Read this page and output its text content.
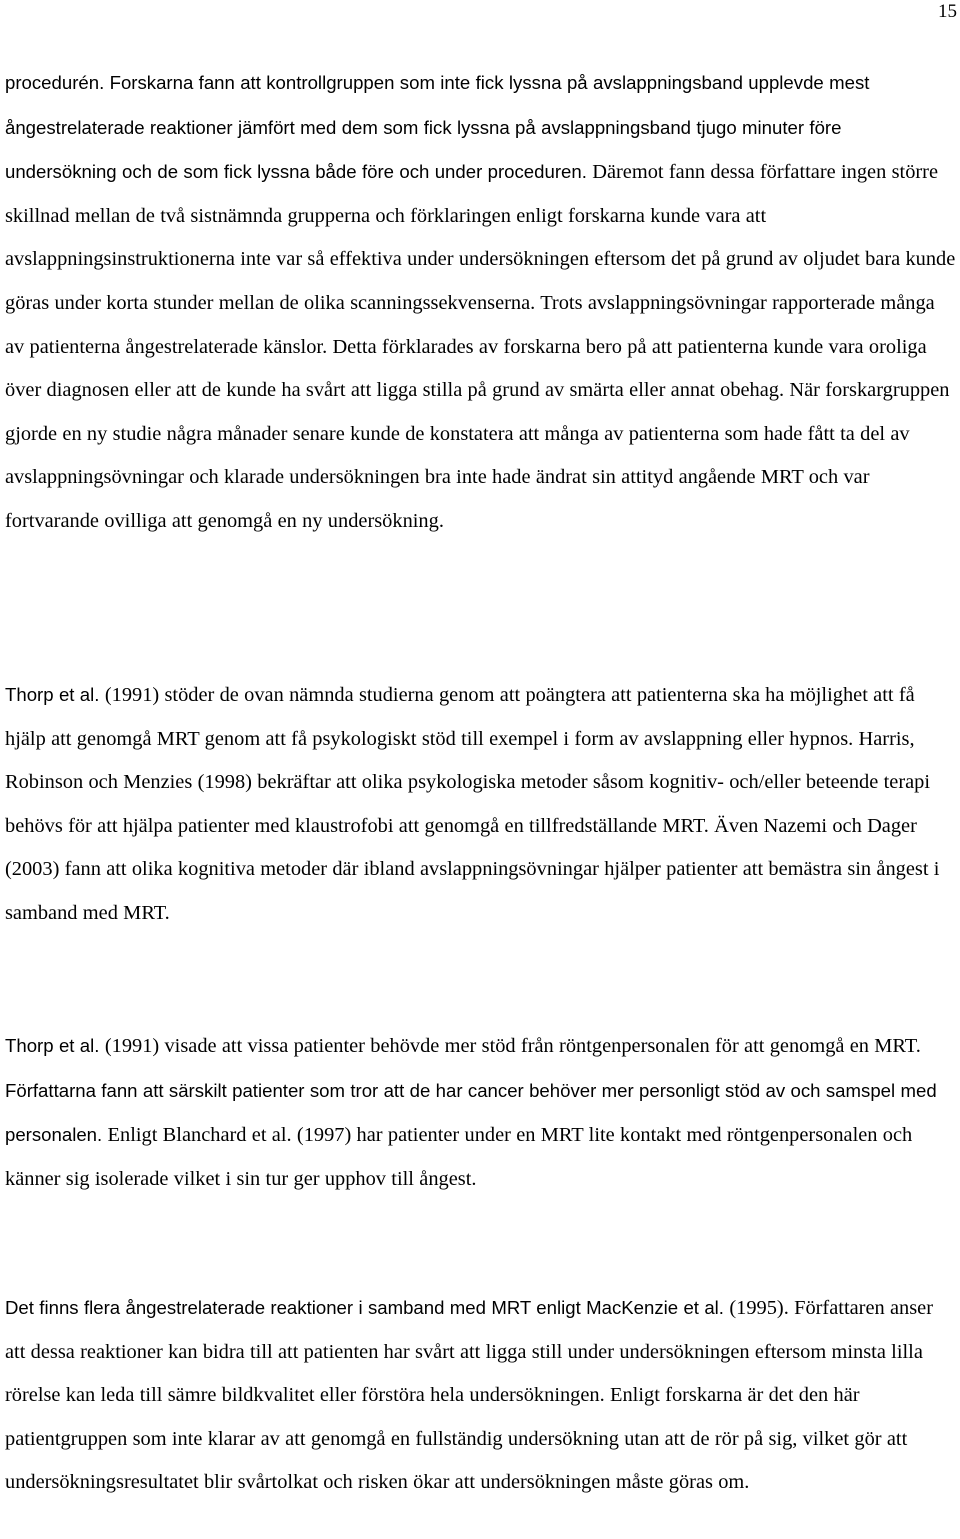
15

procedurén. Forskarna fann att kontrollgruppen som inte fick lyssna på avslappningsband upplevde mest ångestrelaterade reaktioner jämfört med dem som fick lyssna på avslappningsband tjugo minuter före undersökning och de som fick lyssna både före och under proceduren. Däremot fann dessa författare ingen större skillnad mellan de två sistnämnda grupperna och förklaringen enligt forskarna kunde vara att avslappningsinstruktionerna inte var så effektiva under undersökningen eftersom det på grund av oljudet bara kunde göras under korta stunder mellan de olika scanningssekvenserna. Trots avslappningsövningar rapporterade många av patienterna ångestrelaterade känslor. Detta förklarades av forskarna bero på att patienterna kunde vara oroliga över diagnosen eller att de kunde ha svårt att ligga stilla på grund av smärta eller annat obehag. När forskargruppen gjorde en ny studie några månader senare kunde de konstatera att många av patienterna som hade fått ta del av avslappningsövningar och klarade undersökningen bra inte hade ändrat sin attityd angående MRT och var fortvarande ovilliga att genomgå en ny undersökning.

Thorp et al. (1991) stöder de ovan nämnda studierna genom att poängtera att patienterna ska ha möjlighet att få hjälp att genomgå MRT genom att få psykologiskt stöd till exempel i form av avslappning eller hypnos. Harris, Robinson och Menzies (1998) bekräftar att olika psykologiska metoder såsom kognitiv- och/eller beteende terapi behövs för att hjälpa patienter med klaustrofobi att genomgå en tillfredställande MRT. Även Nazemi och Dager (2003) fann att olika kognitiva metoder där ibland avslappningsövningar hjälper patienter att bemästra sin ångest i samband med MRT.

Thorp et al. (1991) visade att vissa patienter behövde mer stöd från röntgenpersonalen för att genomgå en MRT. Författarna fann att särskilt patienter som tror att de har cancer behöver mer personligt stöd av och samspel med personalen. Enligt Blanchard et al. (1997) har patienter under en MRT lite kontakt med röntgenpersonalen och känner sig isolerade vilket i sin tur ger upphov till ångest.

Det finns flera ångestrelaterade reaktioner i samband med MRT enligt MacKenzie et al. (1995). Författaren anser att dessa reaktioner kan bidra till att patienten har svårt att ligga still under undersökningen eftersom minsta lilla rörelse kan leda till sämre bildkvalitet eller förstöra hela undersökningen. Enligt forskarna är det den här patientgruppen som inte klarar av att genomgå en fullständig undersökning utan att de rör på sig, vilket gör att undersökningsresultatet blir svårtolkat och risken ökar att undersökningen måste göras om.
